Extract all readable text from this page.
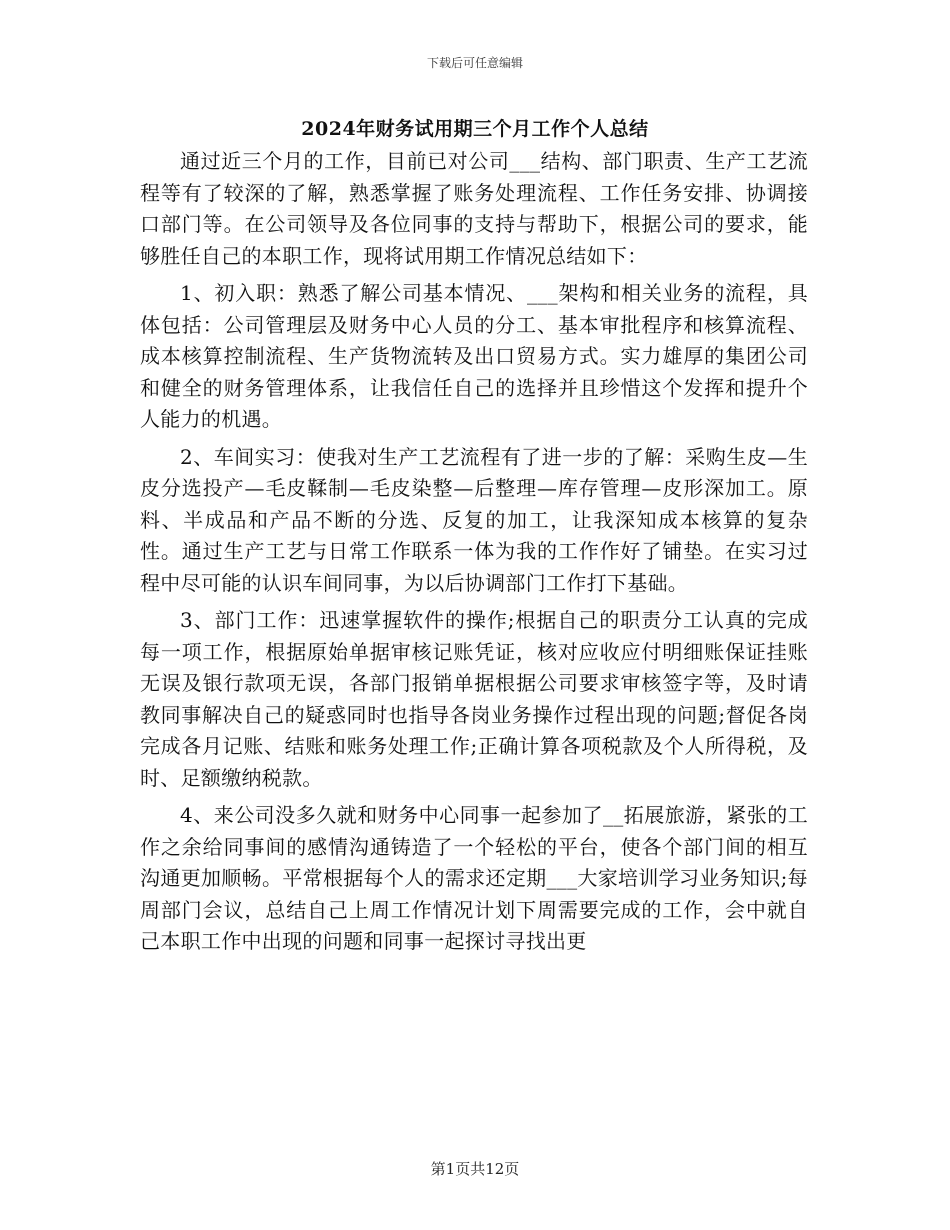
下载后可任意编辑
2024年财务试用期三个月工作个人总结

通过近三个月的工作，目前已对公司___结构、部门职责、生产工艺流程等有了较深的了解，熟悉掌握了账务处理流程、工作任务安排、协调接口部门等。在公司领导及各位同事的支持与帮助下，根据公司的要求，能够胜任自己的本职工作，现将试用期工作情况总结如下：

1、初入职：熟悉了解公司基本情况、___架构和相关业务的流程，具体包括：公司管理层及财务中心人员的分工、基本审批程序和核算流程、成本核算控制流程、生产货物流转及出口贸易方式。实力雄厚的集团公司和健全的财务管理体系，让我信任自己的选择并且珍惜这个发挥和提升个人能力的机遇。

2、车间实习：使我对生产工艺流程有了进一步的了解：采购生皮—生皮分选投产—毛皮鞣制—毛皮染整—后整理—库存管理—皮形深加工。原料、半成品和产品不断的分选、反复的加工，让我深知成本核算的复杂性。通过生产工艺与日常工作联系一体为我的工作作好了铺垫。在实习过程中尽可能的认识车间同事，为以后协调部门工作打下基础。

3、部门工作：迅速掌握软件的操作;根据自己的职责分工认真的完成每一项工作，根据原始单据审核记账凭证，核对应收应付明细账保证挂账无误及银行款项无误，各部门报销单据根据公司要求审核签字等，及时请教同事解决自己的疑惑同时也指导各岗业务操作过程出现的问题;督促各岗完成各月记账、结账和账务处理工作;正确计算各项税款及个人所得税，及时、足额缴纳税款。

4、来公司没多久就和财务中心同事一起参加了__拓展旅游，紧张的工作之余给同事间的感情沟通铸造了一个轻松的平台，使各个部门间的相互沟通更加顺畅。平常根据每个人的需求还定期___大家培训学习业务知识;每周部门会议，总结自己上周工作情况计划下周需要完成的工作，会中就自己本职工作中出现的问题和同事一起探讨寻找出更

第1页共12页
